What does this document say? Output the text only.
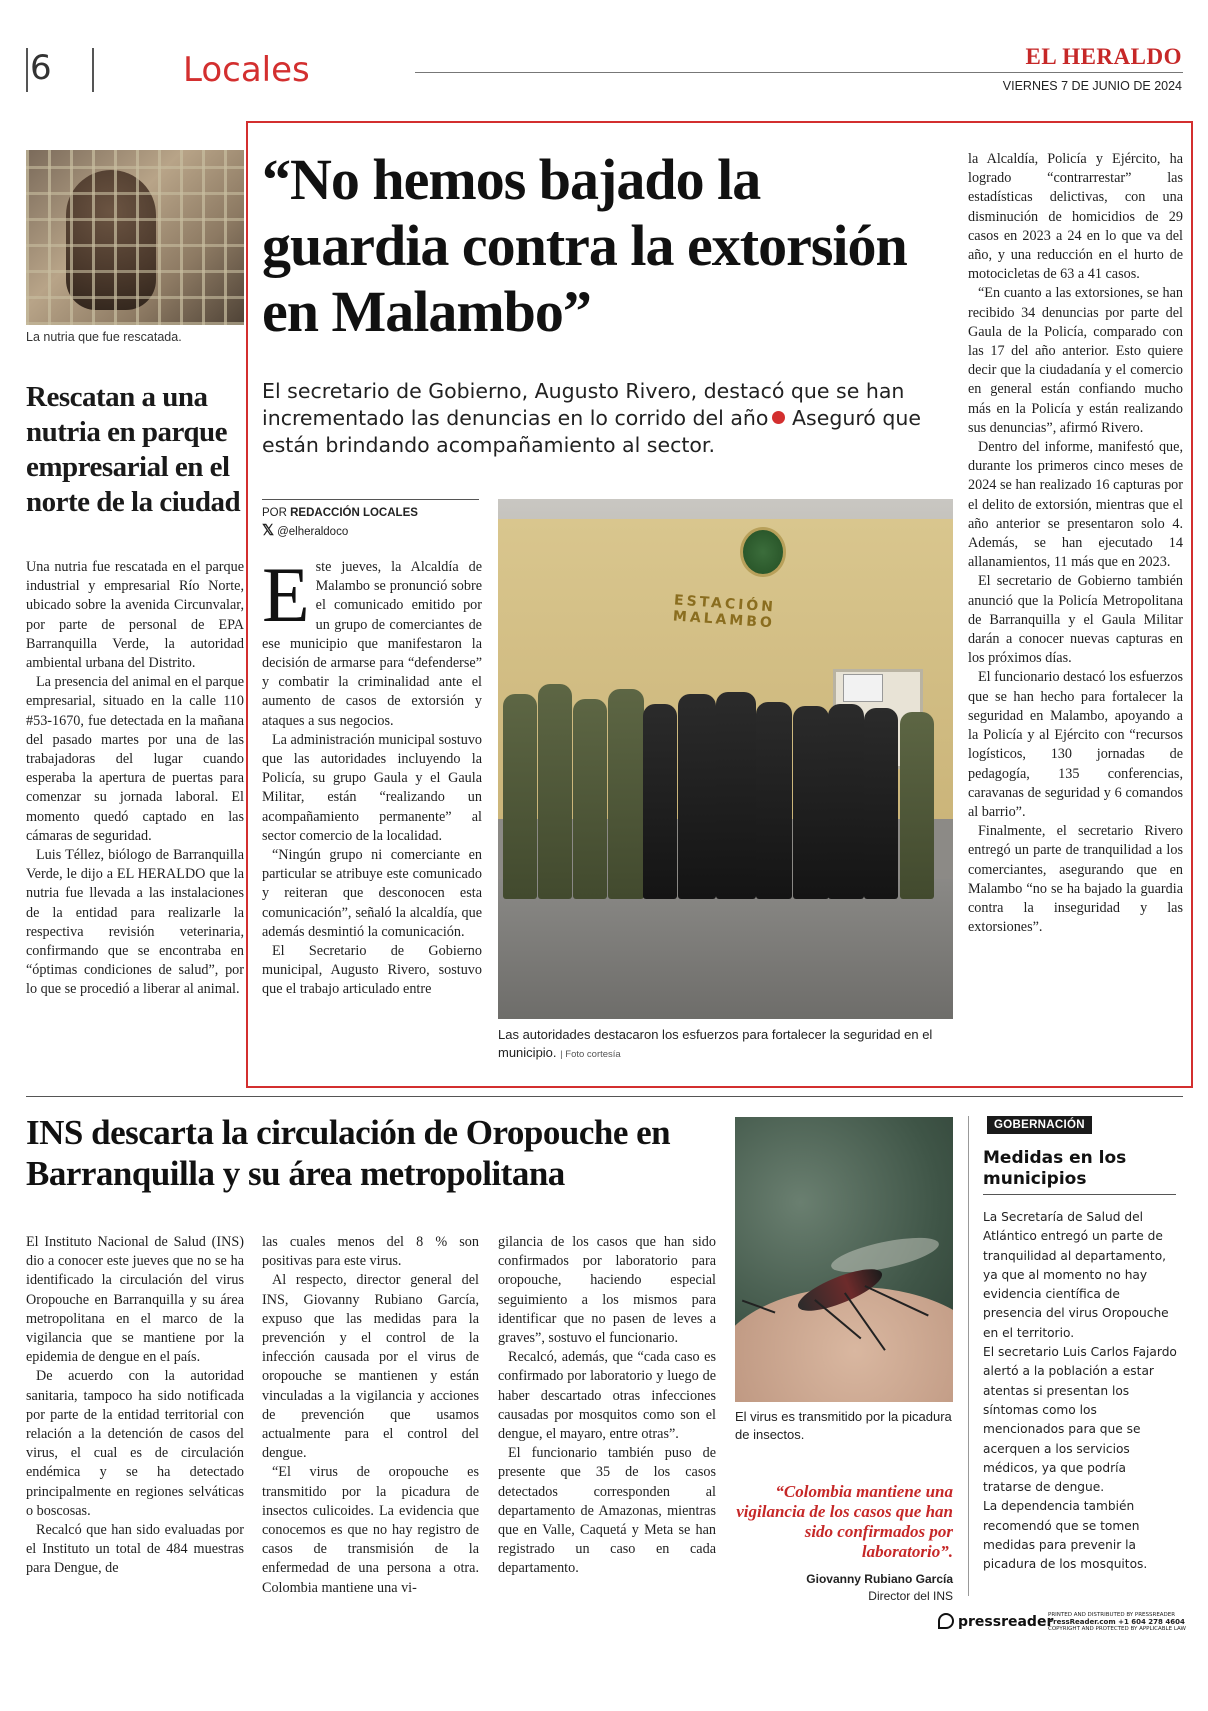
6	Locales	EL HERALDO
VIERNES 7 DE JUNIO DE 2024
La nutria que fue rescatada.
Rescatan a una nutria en parque empresarial en el norte de la ciudad

Una nutria fue rescatada en el parque industrial y empresarial Río Norte, ubicado sobre la avenida Circunvalar, por parte de personal de EPA Barranquilla Verde, la autoridad ambiental urbana del Distrito.

La presencia del animal en el parque empresarial, situado en la calle 110 #53-1670, fue detectada en la mañana del pasado martes por una de las trabajadoras del lugar cuando esperaba la apertura de puertas para comenzar su jornada laboral. El momento quedó captado en las cámaras de seguridad.

Luis Téllez, biólogo de Barranquilla Verde, le dijo a EL HERALDO que la nutria fue llevada a las instalaciones de la entidad para realizarle la respectiva revisión veterinaria, confirmando que se encontraba en “óptimas condiciones de salud”, por lo que se procedió a liberar al animal.

“No hemos bajado la guardia contra la extorsión en Malambo”
El secretario de Gobierno, Augusto Rivero, destacó que se han incrementado las denuncias en lo corrido del año Aseguró que están brindando acompañamiento al sector.
POR REDACCIÓN LOCALES
𝕏 @elheraldoco

Este jueves, la Alcaldía de Malambo se pronunció sobre el comunicado emitido por un grupo de comerciantes de ese municipio que manifestaron la decisión de armarse para “defenderse” y combatir la criminalidad ante el aumento de casos de extorsión y ataques a sus negocios.

La administración municipal sostuvo que las autoridades incluyendo la Policía, su grupo Gaula y el Gaula Militar, están “realizando un acompañamiento permanente” al sector comercio de la localidad.

“Ningún grupo ni comerciante en particular se atribuye este comunicado y reiteran que desconocen esta comunicación”, señaló la alcaldía, que además desmintió la comunicación.

El Secretario de Gobierno municipal, Augusto Rivero, sostuvo que el trabajo articulado entre

ESTACIÓN MALAMBO
Las autoridades destacaron los esfuerzos para fortalecer la seguridad en el municipio. | Foto cortesía

la Alcaldía, Policía y Ejército, ha logrado “contrarrestar” las estadísticas delictivas, con una disminución de homicidios de 29 casos en 2023 a 24 en lo que va del año, y una reducción en el hurto de motocicletas de 63 a 41 casos.

“En cuanto a las extorsiones, se han recibido 34 denuncias por parte del Gaula de la Policía, comparado con las 17 del año anterior. Esto quiere decir que la ciudadanía y el comercio en general están confiando mucho más en la Policía y están realizando sus denuncias”, afirmó Rivero.

Dentro del informe, manifestó que, durante los primeros cinco meses de 2024 se han realizado 16 capturas por el delito de extorsión, mientras que el año anterior se presentaron solo 4. Además, se han ejecutado 14 allanamientos, 11 más que en 2023.

El secretario de Gobierno también anunció que la Policía Metropolitana de Barranquilla y el Gaula Militar darán a conocer nuevas capturas en los próximos días.

El funcionario destacó los esfuerzos que se han hecho para fortalecer la seguridad en Malambo, apoyando a la Policía y al Ejército con “recursos logísticos, 130 jornadas de pedagogía, 135 conferencias, caravanas de seguridad y 6 comandos al barrio”.

Finalmente, el secretario Rivero entregó un parte de tranquilidad a los comerciantes, asegurando que en Malambo “no se ha bajado la guardia contra la inseguridad y las extorsiones”.

INS descarta la circulación de Oropouche en Barranquilla y su área metropolitana

El Instituto Nacional de Salud (INS) dio a conocer este jueves que no se ha identificado la circulación del virus Oropouche en Barranquilla y su área metropolitana en el marco de la vigilancia que se mantiene por la epidemia de dengue en el país.

De acuerdo con la autoridad sanitaria, tampoco ha sido notificada por parte de la entidad territorial con relación a la detención de casos del virus, el cual es de circulación endémica y se ha detectado principalmente en regiones selváticas o boscosas.

Recalcó que han sido evaluadas por el Instituto un total de 484 muestras para Dengue, de

las cuales menos del 8 % son positivas para este virus.

Al respecto, director general del INS, Giovanny Rubiano García, expuso que las medidas para la prevención y el control de la infección causada por el virus de oropouche se mantienen y están vinculadas a la vigilancia y acciones de prevención que usamos actualmente para el control del dengue.

“El virus de oropouche es transmitido por la picadura de insectos culicoides. La evidencia que conocemos es que no hay registro de casos de transmisión de la enfermedad de una persona a otra. Colombia mantiene una vi-

gilancia de los casos que han sido confirmados por laboratorio para oropouche, haciendo especial seguimiento a los mismos para identificar que no pasen de leves a graves”, sostuvo el funcionario.

Recalcó, además, que “cada caso es confirmado por laboratorio y luego de haber descartado otras infecciones causadas por mosquitos como son el dengue, el mayaro, entre otras”.

El funcionario también puso de presente que 35 de los casos detectados corresponden al departamento de Amazonas, mientras que en Valle, Caquetá y Meta se han registrado un caso en cada departamento.

El virus es transmitido por la picadura de insectos.
“Colombia mantiene una vigilancia de los casos que han sido confirmados por laboratorio”.
Giovanny Rubiano García
Director del INS
GOBERNACIÓN
Medidas en los municipios

La Secretaría de Salud del Atlántico entregó un parte de tranquilidad al departamento, ya que al momento no hay evidencia científica de presencia del virus Oropouche en el territorio.

El secretario Luis Carlos Fajardo alertó a la población a estar atentas si presentan los síntomas como los mencionados para que se acerquen a los servicios médicos, ya que podría tratarse de dengue.

La dependencia también recomendó que se tomen medidas para prevenir la picadura de los mosquitos.

pressreader
PRINTED AND DISTRIBUTED BY PRESSREADER
PressReader.com +1 604 278 4604
COPYRIGHT AND PROTECTED BY APPLICABLE LAW
